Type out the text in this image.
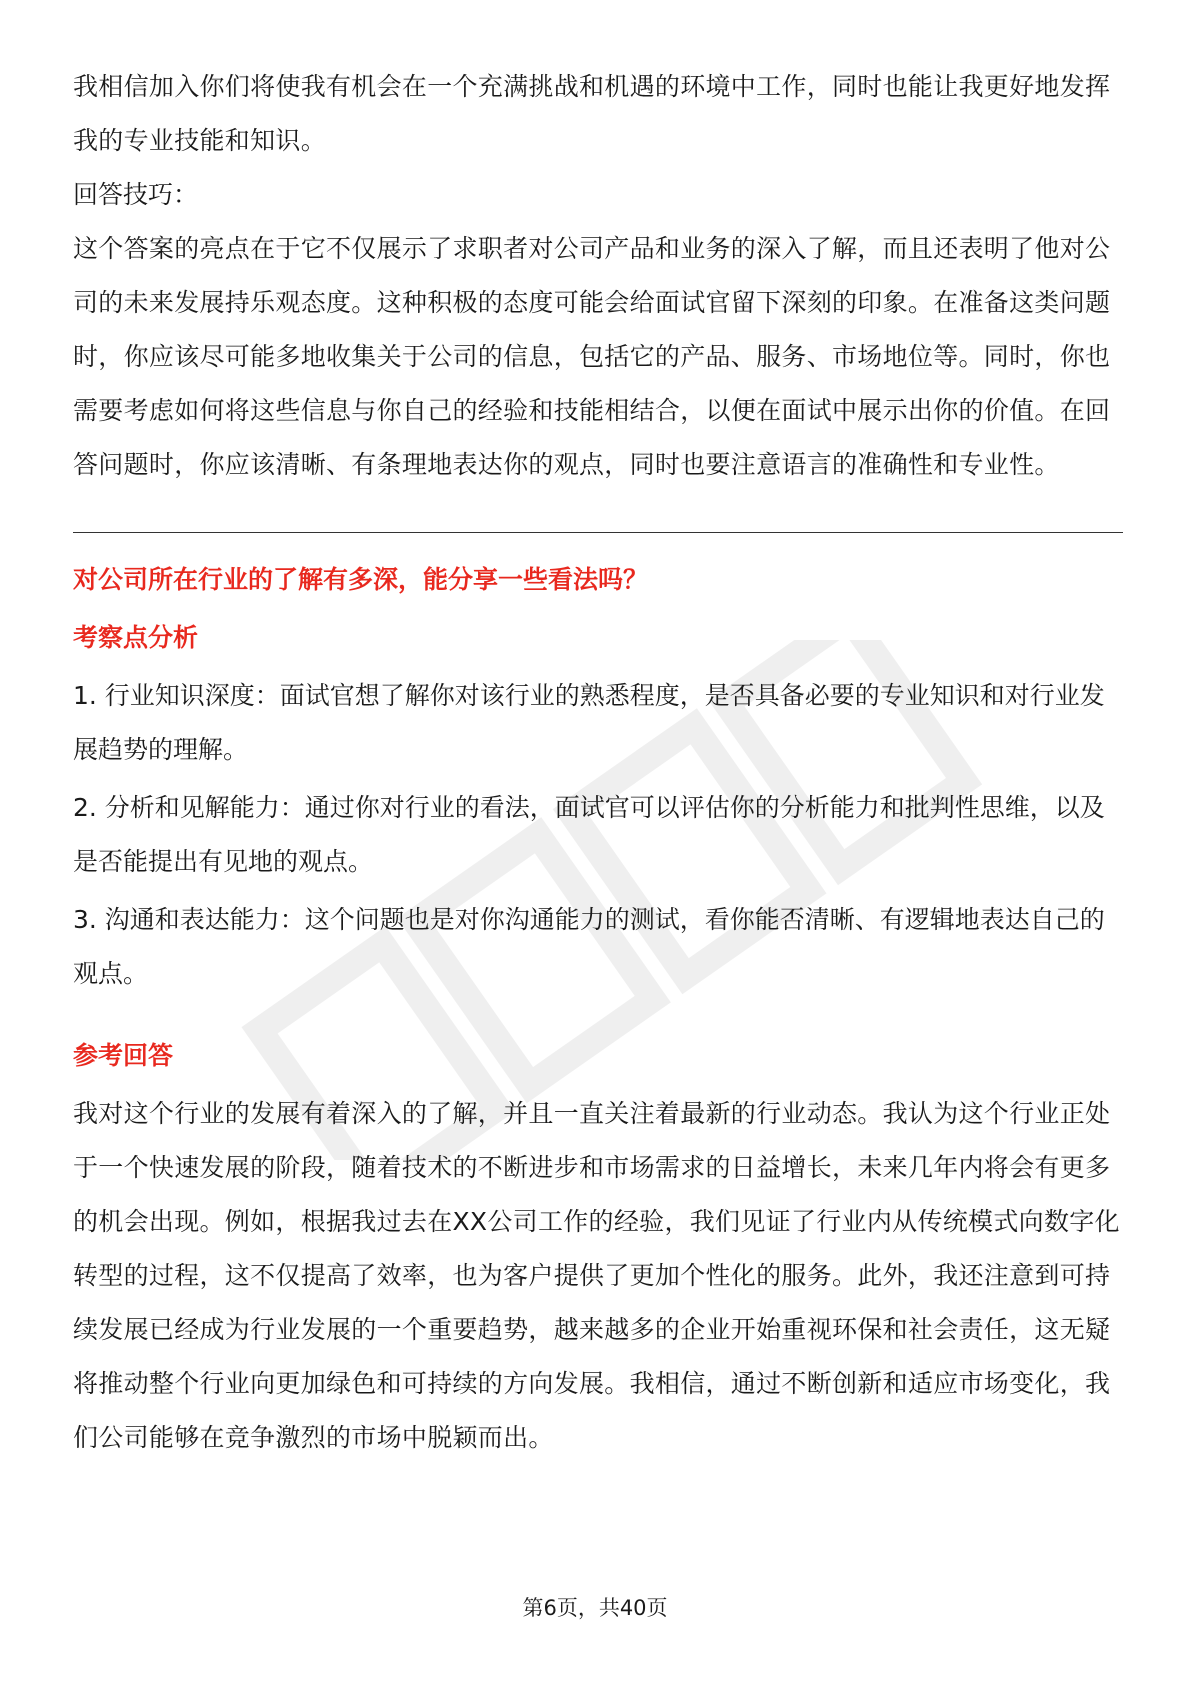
我相信加入你们将使我有机会在一个充满挑战和机遇的环境中工作，同时也能让我更好地发挥我的专业技能和知识。

回答技巧：

这个答案的亮点在于它不仅展示了求职者对公司产品和业务的深入了解，而且还表明了他对公司的未来发展持乐观态度。这种积极的态度可能会给面试官留下深刻的印象。在准备这类问题时，你应该尽可能多地收集关于公司的信息，包括它的产品、服务、市场地位等。同时，你也需要考虑如何将这些信息与你自己的经验和技能相结合，以便在面试中展示出你的价值。在回答问题时，你应该清晰、有条理地表达你的观点，同时也要注意语言的准确性和专业性。

对公司所在行业的了解有多深，能分享一些看法吗？

考察点分析

1. 行业知识深度：面试官想了解你对该行业的熟悉程度，是否具备必要的专业知识和对行业发展趋势的理解。

2. 分析和见解能力：通过你对行业的看法，面试官可以评估你的分析能力和批判性思维，以及是否能提出有见地的观点。

3. 沟通和表达能力：这个问题也是对你沟通能力的测试，看你能否清晰、有逻辑地表达自己的观点。

参考回答

我对这个行业的发展有着深入的了解，并且一直关注着最新的行业动态。我认为这个行业正处于一个快速发展的阶段，随着技术的不断进步和市场需求的日益增长，未来几年内将会有更多的机会出现。例如，根据我过去在XX公司工作的经验，我们见证了行业内从传统模式向数字化转型的过程，这不仅提高了效率，也为客户提供了更加个性化的服务。此外，我还注意到可持续发展已经成为行业发展的一个重要趋势，越来越多的企业开始重视环保和社会责任，这无疑将推动整个行业向更加绿色和可持续的方向发展。我相信，通过不断创新和适应市场变化，我们公司能够在竞争激烈的市场中脱颖而出。

第6页，共40页
